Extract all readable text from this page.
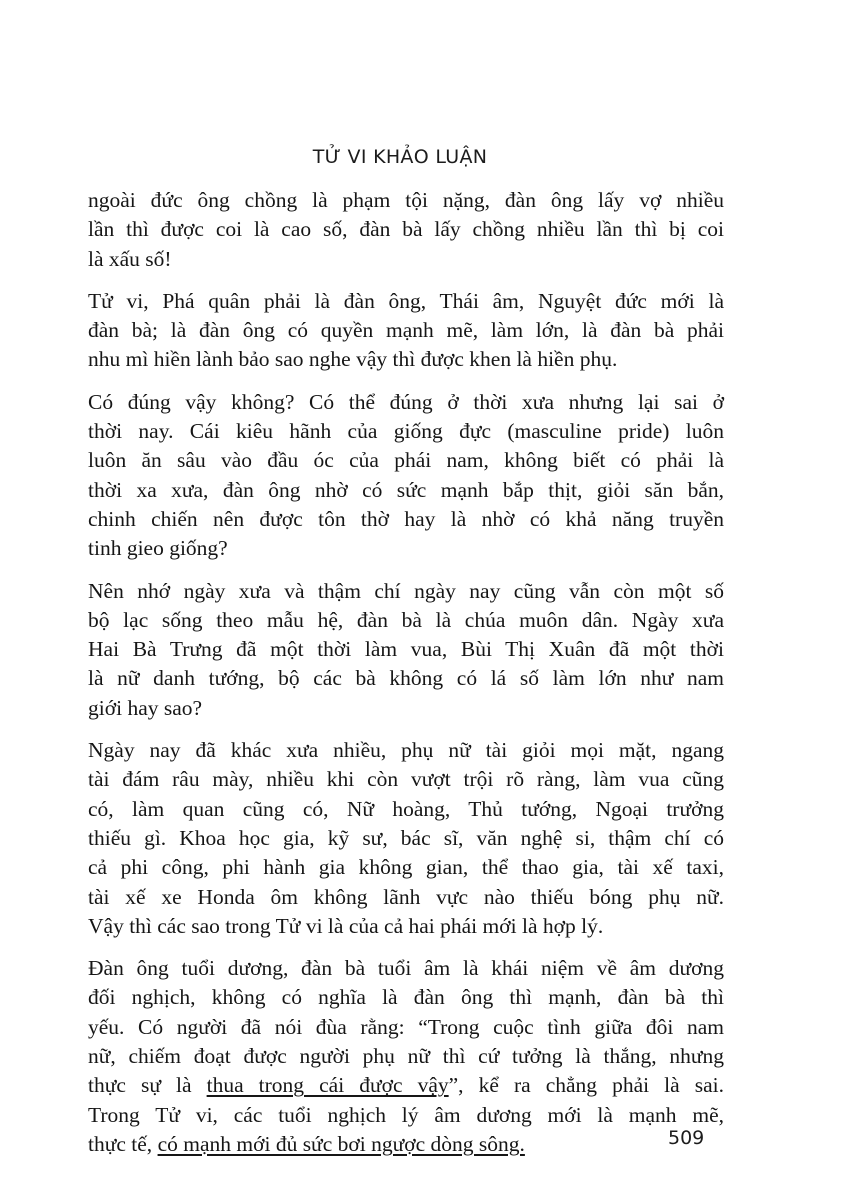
TỬ VI KHẢO LUẬN

ngoài đức ông chồng là phạm tội nặng, đàn ông lấy vợ nhiều
lần thì được coi là cao số, đàn bà lấy chồng nhiều lần thì bị coi
là xấu số!

Tử vi, Phá quân phải là đàn ông, Thái âm, Nguyệt đức mới là
đàn bà; là đàn ông có quyền mạnh mẽ, làm lớn, là đàn bà phải
nhu mì hiền lành bảo sao nghe vậy thì được khen là hiền phụ.

Có đúng vậy không? Có thể đúng ở thời xưa nhưng lại sai ở
thời nay. Cái kiêu hãnh của giống đực (masculine pride) luôn
luôn ăn sâu vào đầu óc của phái nam, không biết có phải là
thời xa xưa, đàn ông nhờ có sức mạnh bắp thịt, giỏi săn bắn,
chinh chiến nên được tôn thờ hay là nhờ có khả năng truyền
tinh gieo giống?

Nên nhớ ngày xưa và thậm chí ngày nay cũng vẫn còn một số
bộ lạc sống theo mẫu hệ, đàn bà là chúa muôn dân. Ngày xưa
Hai Bà Trưng đã một thời làm vua, Bùi Thị Xuân đã một thời
là nữ danh tướng, bộ các bà không có lá số làm lớn như nam
giới hay sao?

Ngày nay đã khác xưa nhiều, phụ nữ tài giỏi mọi mặt, ngang
tài đám râu mày, nhiều khi còn vượt trội rõ ràng, làm vua cũng
có, làm quan cũng có, Nữ hoàng, Thủ tướng, Ngoại trưởng
thiếu gì. Khoa học gia, kỹ sư, bác sĩ, văn nghệ si, thậm chí có
cả phi công, phi hành gia không gian, thể thao gia, tài xế taxi,
tài xế xe Honda ôm không lãnh vực nào thiếu bóng phụ nữ.
Vậy thì các sao trong Tử vi là của cả hai phái mới là hợp lý.

Đàn ông tuổi dương, đàn bà tuổi âm là khái niệm về âm dương
đối nghịch, không có nghĩa là đàn ông thì mạnh, đàn bà thì
yếu. Có người đã nói đùa rằng: “Trong cuộc tình giữa đôi nam
nữ, chiếm đoạt được người phụ nữ thì cứ tưởng là thắng, nhưng
thực sự là thua trong cái được vậy”, kể ra chẳng phải là sai.
Trong Tử vi, các tuổi nghịch lý âm dương mới là mạnh mẽ,
thực tế, có mạnh mới đủ sức bơi ngược dòng sông.	509
